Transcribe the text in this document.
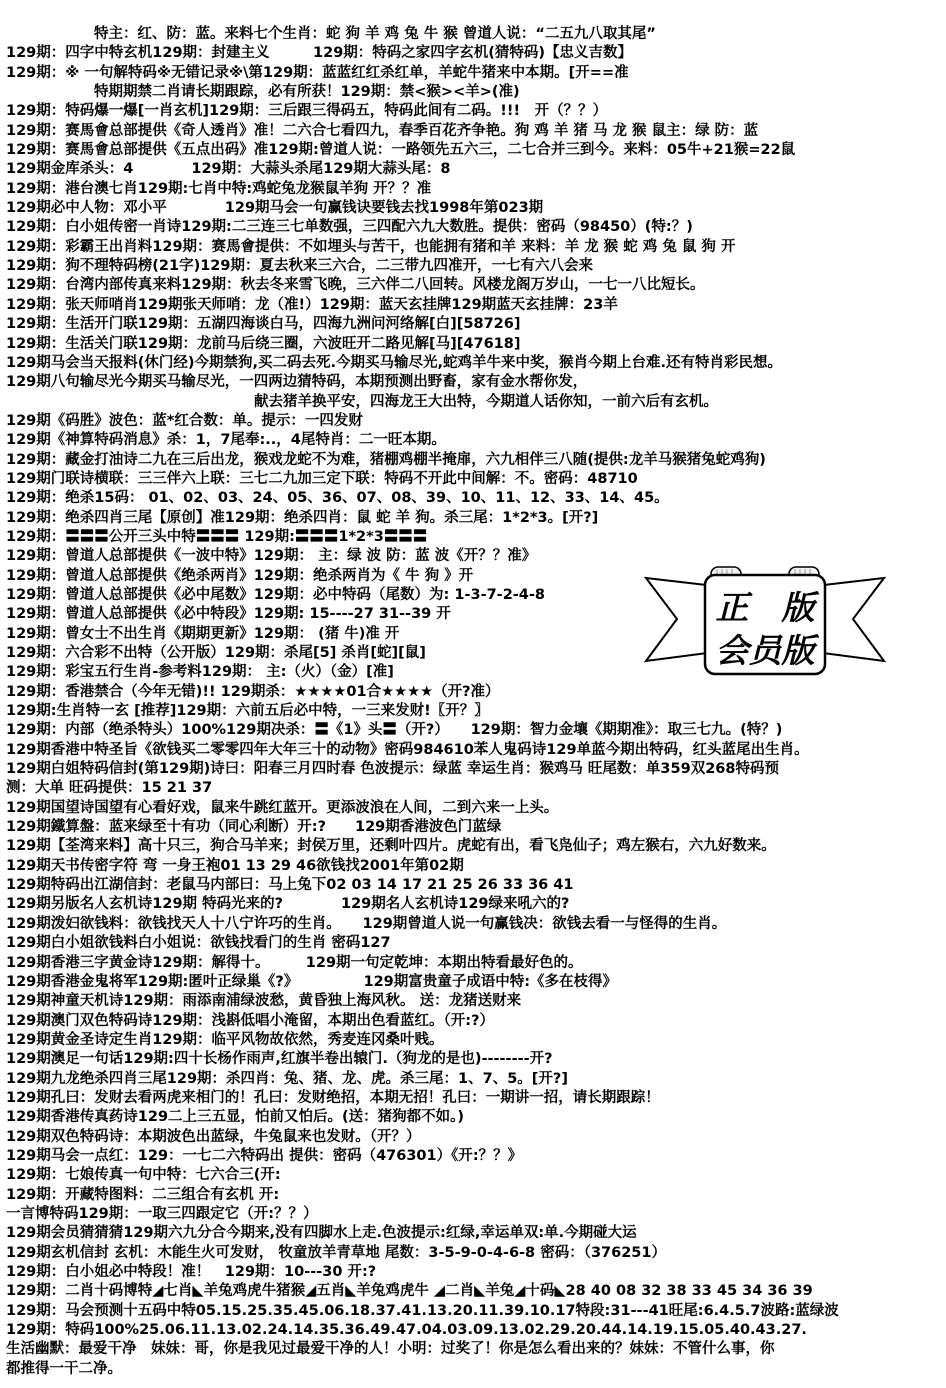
特主：红、防：蓝。来料七个生肖：蛇 狗 羊 鸡 兔 牛 猴 曾道人说：“二五九八取其尾”
129期：四字中特玄机129期：封建主义　　　129期：特码之家四字玄机(猜特码)【忠义吉数】
129期：※ 一句解特码※无错记录※\第129期：蓝蓝红红杀红单，羊蛇牛猪来中本期。[开==准
特期期禁二肖请长期跟踪，必有所获！129期：禁<猴><羊>(准)
129期：特码爆一爆[一肖玄机]129期：三后跟三得码五，特码此间有二码。!!!　开（？？）
129期：赛馬會总部提供《奇人透肖》准！二六合七看四九，春季百花齐争艳。狗 鸡 羊 猪 马 龙 猴 鼠主：绿 防：蓝
129期：赛馬會总部提供《五点出码》准129期:曾道人说：一路领先五六三，二七合并三到今。来料：05牛+21猴=22鼠
129期金库杀头：4　　　　129期：大蒜头杀尾129期大蒜头尾：8
129期：港台澳七肖129期:七肖中特:鸡蛇兔龙猴鼠羊狗 开？？准
129期必中人物：邓小平　　　　129期马会一句赢钱诀要钱去找1998年第023期
129期：白小姐传密一肖诗129期:二三连三七单数强，三四配六九大数胜。提供：密码（98450）(特:？)
129期：彩霸王出肖料129期：赛馬會提供：不如埋头与苦干，也能拥有猪和羊 来料：羊 龙 猴 蛇 鸡 兔 鼠 狗 开
129期：狗不理特码榜(21字)129期：夏去秋来三六合，二三带九四准开，一七有六八会来
129期：台湾内部传真来料129期：秋去冬来雪飞晚，三六伴二八回转。风楼龙阁万岁山，一七一八比短长。
129期：张天师哨肖129期张天师哨：龙（准!）129期：蓝天玄挂牌129期蓝天玄挂牌：23羊
129期：生活开门联129期：五湖四海谈白马，四海九洲问河络解[白][58726]
129期：生活关门联129期：龙前马后绕三圈，六波旺开二路见解[马][47618]
129期马会当天报料(休门经)今期禁狗,买二码去死.今期买马输尽光,蛇鸡羊牛来中奖，猴肖今期上台难.还有特肖彩民想。
129期八句输尽光今期买马输尽光，一四两边猜特码，本期预测出野畜，家有金水帮你发，
献去猪羊换平安，四海龙王大出特，今期道人话你知，一前六后有玄机。
129期《码胜》波色：蓝*红合数：单。提示：一四发财
129期《神算特码消息》杀：1，7尾奉:..，4尾特肖：二一旺本期。
129期：藏金打油诗二九在三后出龙，猴戏龙蛇不为难，猪棚鸡棚半掩扉，六九相伴三八随(提供:龙羊马猴猪兔蛇鸡狗)
129期门联诗横联：三三伴六上联：三七二九加三定下联：特码不开此中间解：不。密码：48710
129期：绝杀15码： 01、02、03、24、05、36、07、08、39、10、11、12、33、14、45。
129期：绝杀四肖三尾【原创】准129期：绝杀四肖：鼠 蛇 羊 狗。杀三尾：1*2*3。[开?]
129期：〓〓〓公开三头中特〓〓〓 129期:〓〓〓1*2*3〓〓〓
129期：曾道人总部提供《一波中特》129期： 主：绿 波 防：蓝 波《开？？准》
129期：曾道人总部提供《绝杀两肖》129期：绝杀两肖为《 牛 狗 》开
129期：曾道人总部提供《必中尾数》129期：必中特码（尾数）为: 1-3-7-2-4-8
129期：曾道人总部提供《必中特段》129期: 15----27 31--39 开
129期：曾女士不出生肖《期期更新》129期： (猪 牛)准 开
129期：六合彩不出特（公开版）129期：杀尾[5] 杀肖[蛇][鼠]
129期：彩宝五行生肖-参考料129期： 主:（火）（金）[准]
129期：香港禁合（今年无错)!! 129期杀：★★★★01合★★★★（开?准）
129期:生肖特一玄 [推荐]129期：六前五后必中特，一三来发财!〖开？〗
129期：内部（绝杀特头）100%129期决杀：〓《1》头〓（开?）　　129期：智力金壤《期期准》：取三七九。(特？)
129期香港中特圣旨《欲钱买二零零四年大年三十的动物》密码984610苯人鬼码诗129单蓝今期出特码，红头蓝尾出生肖。
129期白姐特码信封(第129期)诗曰：阳春三月四时春 色波提示：绿蓝 幸运生肖：猴鸡马 旺尾数：单359双268特码预
测：大单 旺码提供：15 21 37
129期国望诗国望有心看好戏，鼠来牛跳红蓝开。更添波浪在人间，二到六来一上头。
129期鐵算盤：蓝来绿至十有功（同心利断）开:?　　129期香港波色门蓝绿
129期【荃湾来料】高十只三，狗合马羊来；封侯万里，还剩叶四片。虎蛇有出，看飞凫仙子；鸡左猴右，六九好数来。
129期天书传密字符 弯 一身王袍01 13 29 46欲钱找2001年第02期
129期特码出江湖信封：老鼠马内部曰：马上兔下02 03 14 17 21 25 26 33 36 41
129期另版名人玄机诗129期 特码光来的?　　　　129期名人玄机诗129绿来吼六的?
129期泼妇欲钱料：欲钱找天人十八宁许巧的生肖。　　129期曾道人说一句赢钱决：欲钱去看一与怪得的生肖。
129期白小姐欲钱料白小姐说：欲钱找看门的生肖 密码127
129期香港三字黄金诗129期：解得十。　　　129期一句定乾坤：本期出特看最好色的。
129期香港金鬼将军129期:匿叶正绿巢《?》　　　　　129期富贵童子成语中特:《多在枝得》
129期神童天机诗129期：雨添南浦绿波愁，黄昏独上海风秋。 送：龙猪送财来
129期澳门双色特码诗129期：浅斟低唱小淹留，本期出色看蓝红。（开:?）
129期黄金圣诗定生肖129期：临平风物故依然，秀麦连冈桑叶贱。
129期澳足一句话129期:四十长杨作雨声,红旗半卷出辕门.（狗龙的是也)--------开?
129期九龙绝杀四肖三尾129期：杀四肖：兔、猪、龙、虎。杀三尾：1、7、5。[开?]
129期孔曰：发财去看两虎来相门的！孔曰：发财绝招，本期无招！孔曰：一期讲一招，请长期跟踪！
129期香港传真药诗129二上三五显，怕前又怕后。(送：猪狗都不如。)
129期双色特码诗：本期波色出蓝绿，牛兔鼠来也发财。（开？）
129期马会一点红：129：一七二六特码出 提供：密码（476301）《开:？？》
129期：七娘传真一句中特：七六合三(开:
129期：开藏特图料：二三组合有玄机 开:
一言博特码129期：一取三四跟定它（开:？？）
129期会员猜猜猜129期六九分合今期来,没有四脚水上走.色波提示:红绿,幸运单双:单.今期碰大运
129期玄机信封 玄机：木能生火可发财， 牧童放羊青草地 尾数：3-5-9-0-4-6-8 密码：（376251）
129期：白小姐必中特段！准！　129期：10---30 开:?
129期：二肖十码博特◢七肖◣羊兔鸡虎牛猪猴◢五肖◣羊兔鸡虎牛 ◢二肖◣羊兔◢十码◣28 40 08 32 38 33 45 34 36 39
129期：马会预测十五码中特05.15.25.35.45.06.18.37.41.13.20.11.39.10.17特段:31---41旺尾:6.4.5.7波路:蓝绿波
129期：特码100%25.06.11.13.02.24.14.35.36.49.47.04.03.09.13.02.29.20.44.14.19.15.05.40.43.27.
生活幽默：最爱干净　妹妹：哥，你是我见过最爱干净的人！小明：过奖了！你是怎么看出来的？妹妹：不管什么事，你
都推得一干二净。
正　版
会员版
